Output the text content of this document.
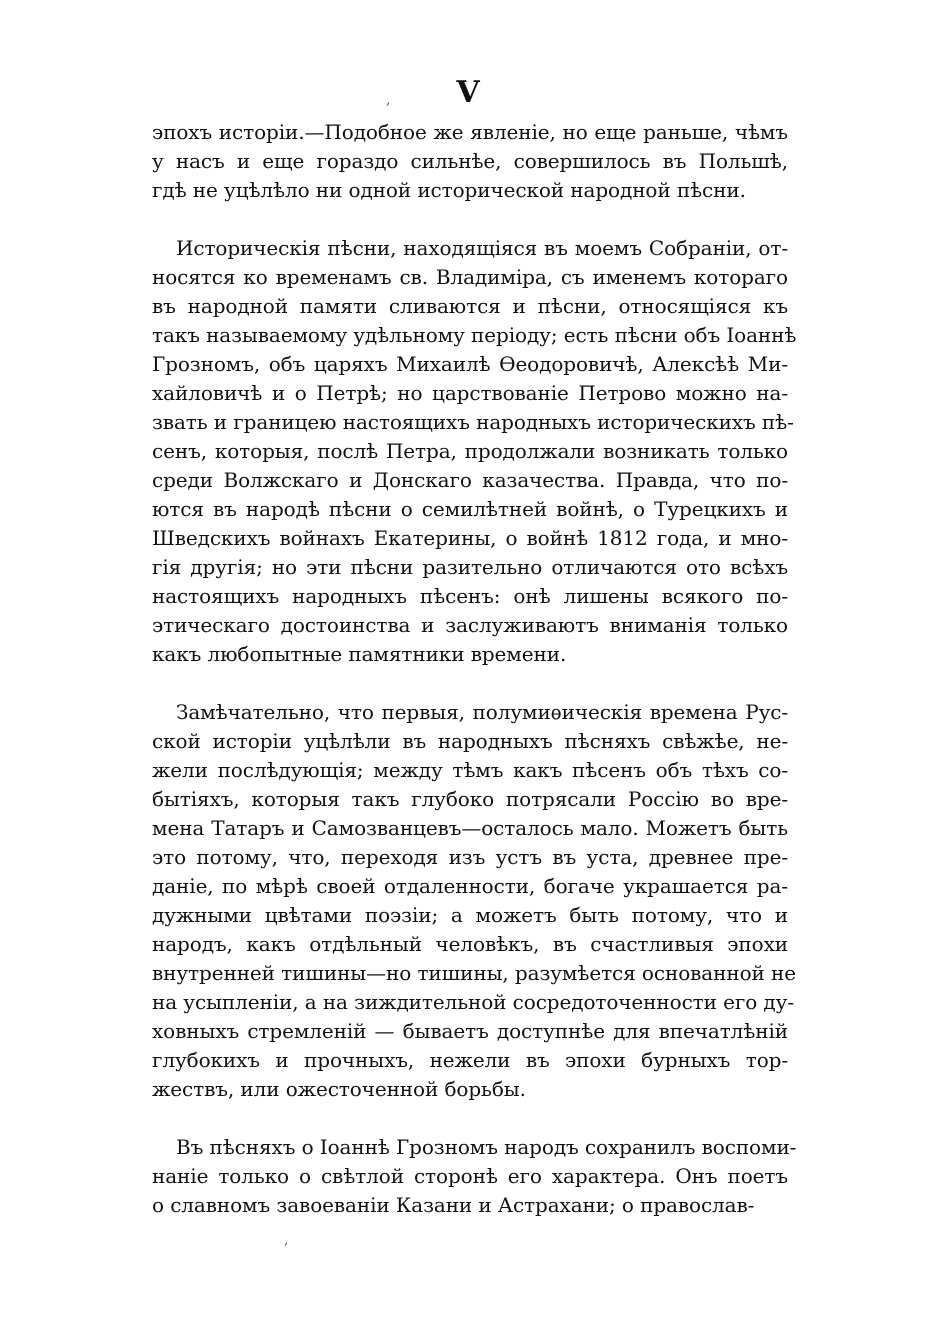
V
,
,

эпохъ исторіи.—Подобное же явленіе, но еще раньше, чѣмъ
у насъ и еще гораздо сильнѣе, совершилось въ Польшѣ,
гдѣ не уцѣлѣло ни одной исторической народной пѣсни.

Историческія пѣсни, находящіяся въ моемъ Собраніи, от-
носятся ко временамъ св. Владиміра, съ именемъ котораго
въ народной памяти сливаются и пѣсни, относящіяся къ
такъ называемому удѣльному періоду; есть пѣсни объ Іоаннѣ
Грозномъ, объ царяхъ Михаилѣ Ѳеодоровичѣ, Алексѣѣ Ми-
хайловичѣ и о Петрѣ; но царствованіе Петрово можно на-
звать и границею настоящихъ народныхъ историческихъ пѣ-
сенъ, которыя, послѣ Петра, продолжали возникать только
среди Волжскаго и Донскаго казачества. Правда, что по-
ются въ народѣ пѣсни о семилѣтней войнѣ, о Турецкихъ и
Шведскихъ войнахъ Екатерины, о войнѣ 1812 года, и мно-
гія другія; но эти пѣсни разительно отличаются ото всѣхъ
настоящихъ народныхъ пѣсенъ: онѣ лишены всякого по-
этическаго достоинства и заслуживаютъ вниманія только
какъ любопытные памятники времени.

Замѣчательно, что первыя, полумиѳическія времена Рус-
ской исторіи уцѣлѣли въ народныхъ пѣсняхъ свѣжѣе, не-
жели послѣдующія; между тѣмъ какъ пѣсенъ объ тѣхъ со-
бытіяхъ, которыя такъ глубоко потрясали Россію во вре-
мена Татаръ и Самозванцевъ—осталось мало. Можетъ быть
это потому, что, переходя изъ устъ въ уста, древнее пре-
даніе, по мѣрѣ своей отдаленности, богаче украшается ра-
дужными цвѣтами поэзіи; а можетъ быть потому, что и
народъ, какъ отдѣльный человѣкъ, въ счастливыя эпохи
внутренней тишины—но тишины, разумѣется основанной не
на усыпленіи, а на зиждительной сосредоточенности его ду-
ховныхъ стремленій — бываетъ доступнѣе для впечатлѣній
глубокихъ и прочныхъ, нежели въ эпохи бурныхъ тор-
жествъ, или ожесточенной борьбы.

Въ пѣсняхъ о Іоаннѣ Грозномъ народъ сохранилъ воспоми-
наніе только о свѣтлой сторонѣ его характера. Онъ поетъ
о славномъ завоеваніи Казани и Астрахани; о православ-
